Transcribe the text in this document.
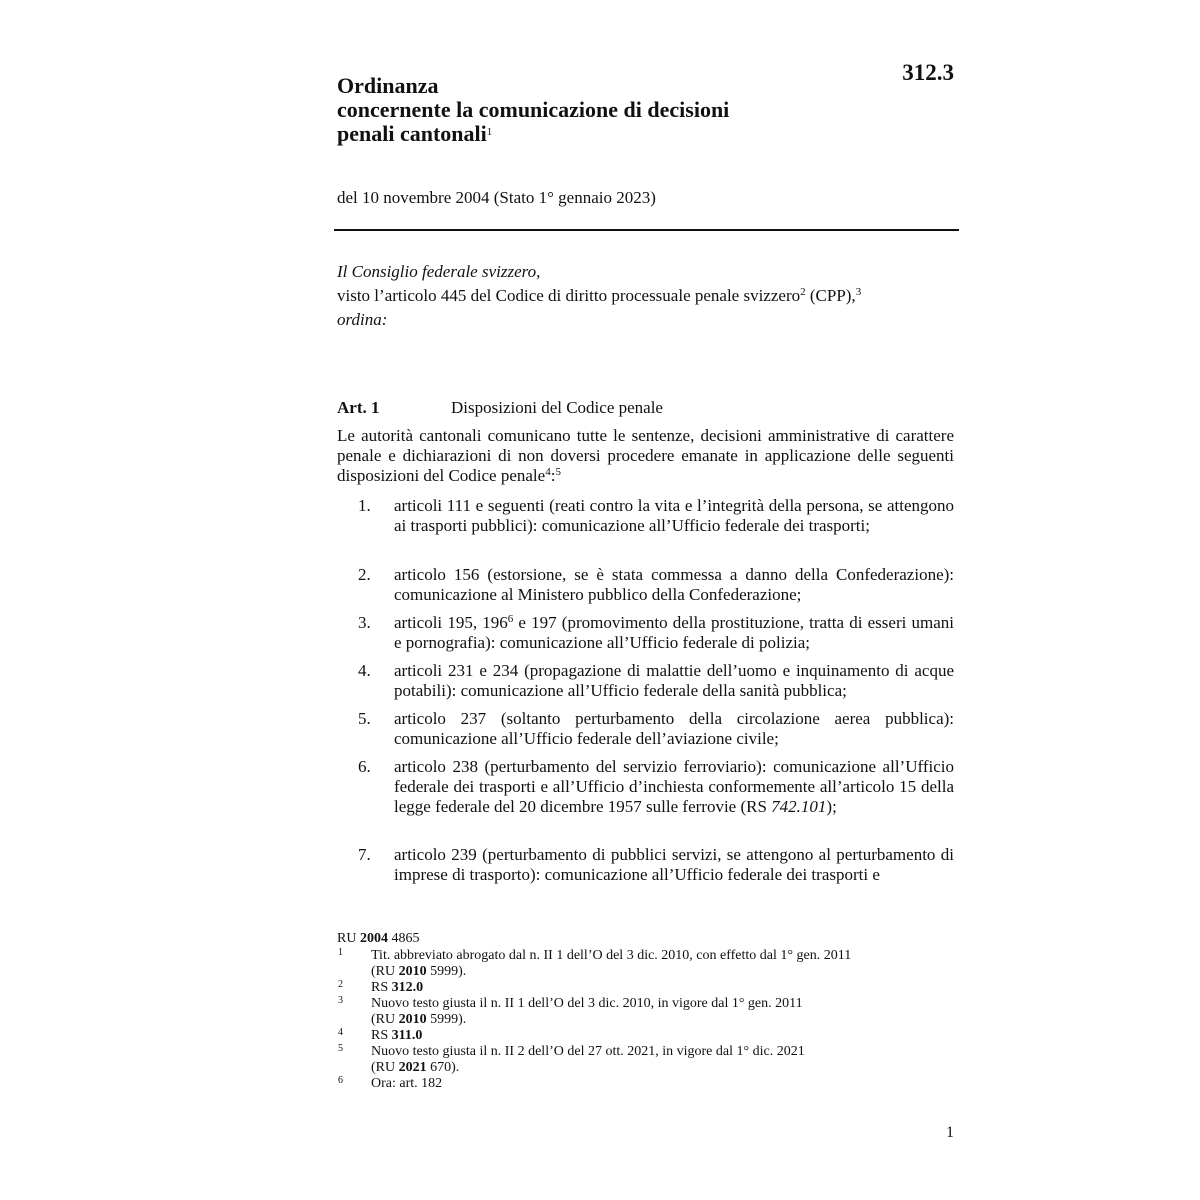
312.3
Ordinanza
concernente la comunicazione di decisioni
penali cantonali$^1$
del 10 novembre 2004 (Stato 1° gennaio 2023)
Il Consiglio federale svizzero,
visto l’articolo 445 del Codice di diritto processuale penale svizzero$^2$ (CPP),$^3$
ordina:
Art. 1	Disposizioni del Codice penale
Le autorità cantonali comunicano tutte le sentenze, decisioni amministrative di carattere penale e dichiarazioni di non doversi procedere emanate in applicazione delle seguenti disposizioni del Codice penale$^4$:$^5$
1. articoli 111 e seguenti (reati contro la vita e l’integrità della persona, se attengono ai trasporti pubblici): comunicazione all’Ufficio federale dei trasporti;
2. articolo 156 (estorsione, se è stata commessa a danno della Confederazione): comunicazione al Ministero pubblico della Confederazione;
3. articoli 195, 196$^6$ e 197 (promovimento della prostituzione, tratta di esseri umani e pornografia): comunicazione all’Ufficio federale di polizia;
4. articoli 231 e 234 (propagazione di malattie dell’uomo e inquinamento di acque potabili): comunicazione all’Ufficio federale della sanità pubblica;
5. articolo 237 (soltanto perturbamento della circolazione aerea pubblica): comunicazione all’Ufficio federale dell’aviazione civile;
6. articolo 238 (perturbamento del servizio ferroviario): comunicazione all’Ufficio federale dei trasporti e all’Ufficio d’inchiesta conformemente all’articolo 15 della legge federale del 20 dicembre 1957 sulle ferrovie (RS 742.101);
7. articolo 239 (perturbamento di pubblici servizi, se attengono al perturbamento di imprese di trasporto): comunicazione all’Ufficio federale dei trasporti e
RU 2004 4865
1 Tit. abbreviato abrogato dal n. II 1 dell’O del 3 dic. 2010, con effetto dal 1° gen. 2011
(RU 2010 5999).
2 RS 312.0
3 Nuovo testo giusta il n. II 1 dell’O del 3 dic. 2010, in vigore dal 1° gen. 2011
(RU 2010 5999).
4 RS 311.0
5 Nuovo testo giusta il n. II 2 dell’O del 27 ott. 2021, in vigore dal 1° dic. 2021
(RU 2021 670).
6 Ora: art. 182
1
